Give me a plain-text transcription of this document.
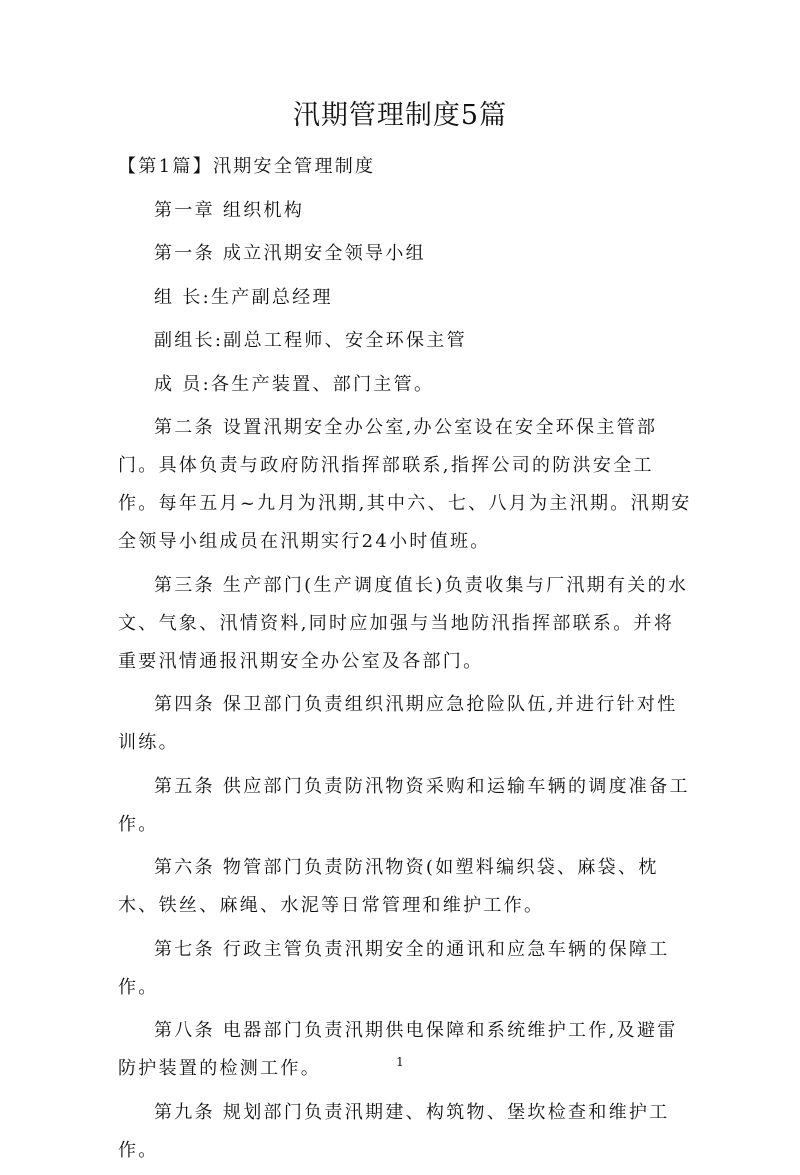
汛期管理制度5篇

【第1篇】汛期安全管理制度

第一章 组织机构

第一条 成立汛期安全领导小组

组 长:生产副总经理

副组长:副总工程师、安全环保主管

成 员:各生产装置、部门主管。

第二条 设置汛期安全办公室,办公室设在安全环保主管部门。具体负责与政府防汛指挥部联系,指挥公司的防洪安全工作。每年五月~九月为汛期,其中六、七、八月为主汛期。汛期安全领导小组成员在汛期实行24小时值班。

第三条 生产部门(生产调度值长)负责收集与厂汛期有关的水文、气象、汛情资料,同时应加强与当地防汛指挥部联系。并将重要汛情通报汛期安全办公室及各部门。

第四条 保卫部门负责组织汛期应急抢险队伍,并进行针对性训练。

第五条 供应部门负责防汛物资采购和运输车辆的调度准备工作。

第六条 物管部门负责防汛物资(如塑料编织袋、麻袋、枕木、铁丝、麻绳、水泥等日常管理和维护工作。

第七条 行政主管负责汛期安全的通讯和应急车辆的保障工作。

第八条 电器部门负责汛期供电保障和系统维护工作,及避雷防护装置的检测工作。

第九条 规划部门负责汛期建、构筑物、堡坎检查和维护工作。

1
